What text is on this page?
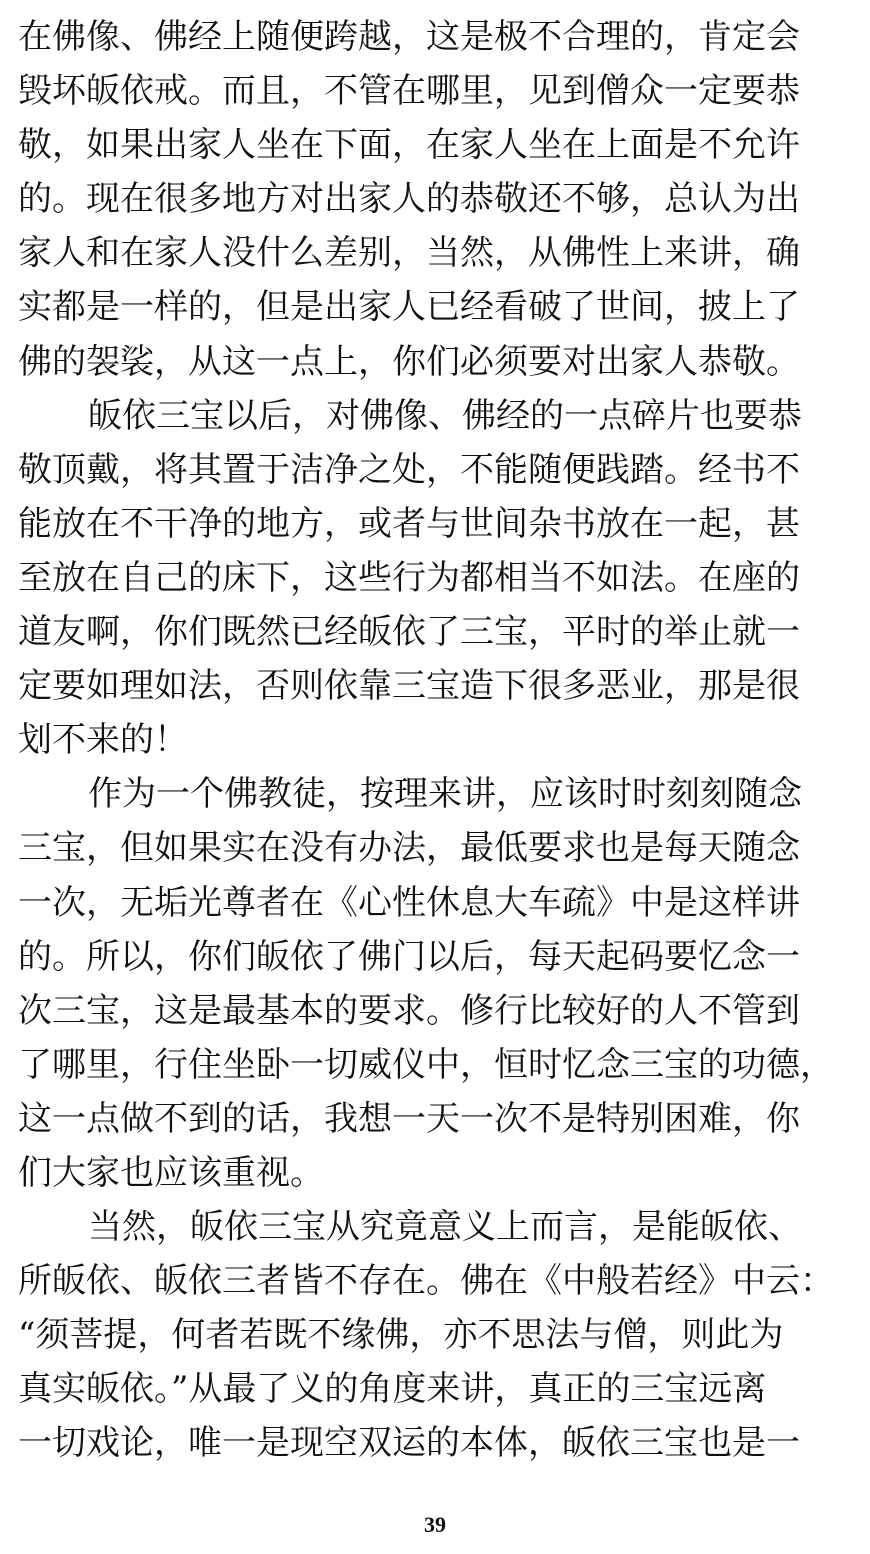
在佛像、佛经上随便跨越，这是极不合理的，肯定会
毁坏皈依戒。而且，不管在哪里，见到僧众一定要恭
敬，如果出家人坐在下面，在家人坐在上面是不允许
的。现在很多地方对出家人的恭敬还不够，总认为出
家人和在家人没什么差别，当然，从佛性上来讲，确
实都是一样的，但是出家人已经看破了世间，披上了
佛的袈裟，从这一点上，你们必须要对出家人恭敬。
皈依三宝以后，对佛像、佛经的一点碎片也要恭
敬顶戴，将其置于洁净之处，不能随便践踏。经书不
能放在不干净的地方，或者与世间杂书放在一起，甚
至放在自己的床下，这些行为都相当不如法。在座的
道友啊，你们既然已经皈依了三宝，平时的举止就一
定要如理如法，否则依靠三宝造下很多恶业，那是很
划不来的！
作为一个佛教徒，按理来讲，应该时时刻刻随念
三宝，但如果实在没有办法，最低要求也是每天随念
一次，无垢光尊者在《心性休息大车疏》中是这样讲
的。所以，你们皈依了佛门以后，每天起码要忆念一
次三宝，这是最基本的要求。修行比较好的人不管到
了哪里，行住坐卧一切威仪中，恒时忆念三宝的功德，
这一点做不到的话，我想一天一次不是特别困难，你
们大家也应该重视。
当然，皈依三宝从究竟意义上而言，是能皈依、
所皈依、皈依三者皆不存在。佛在《中般若经》中云：
“须菩提，何者若既不缘佛，亦不思法与僧，则此为
真实皈依。”从最了义的角度来讲，真正的三宝远离
一切戏论，唯一是现空双运的本体，皈依三宝也是一
39
